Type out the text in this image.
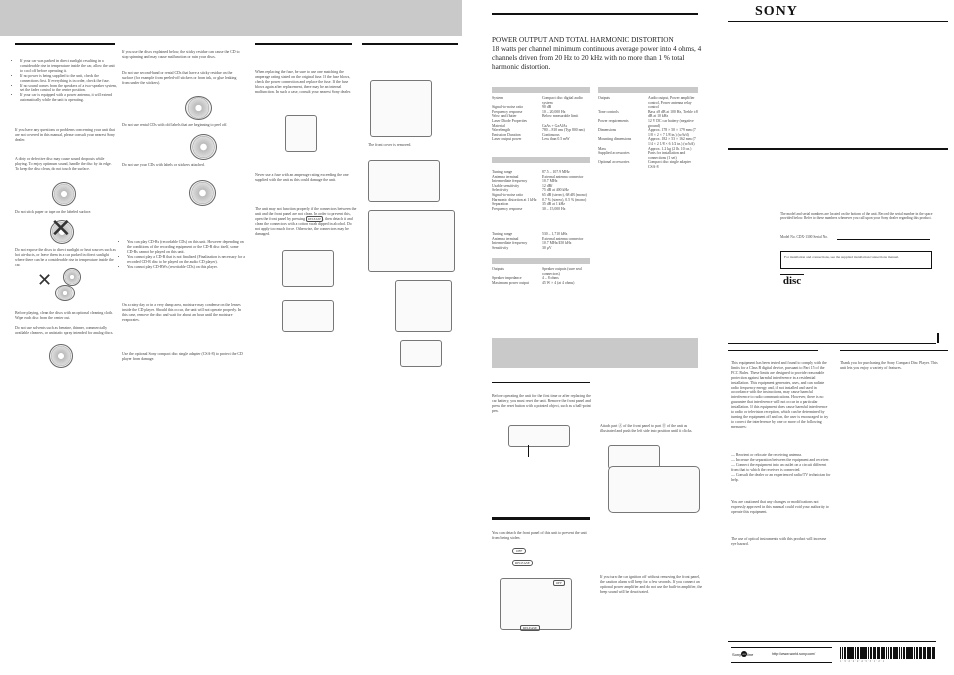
• If your car was parked in direct sunlight resulting in a considerable rise in temperature inside the car, allow the unit to cool off before operating it.
• If no power is being supplied to the unit, check the connections first. If everything is in order, check the fuse.
• If no sound comes from the speakers of a two-speaker system, set the fader control to the centre position.
• If your car is equipped with a power antenna, it will extend automatically while the unit is operating.
If you have any questions or problems concerning your unit that are not covered in this manual, please consult your nearest Sony dealer.
A dirty or defective disc may cause sound dropouts while playing. To enjoy optimum sound, handle the disc by its edge. To keep the disc clean, do not touch the surface.
Do not stick paper or tape on the labeled surface.
✕
Do not expose the discs to direct sunlight or heat sources such as hot air-ducts, or leave them in a car parked in direct sunlight where there can be a considerable rise in temperature inside the car.
✕
Before playing, clean the discs with an optional cleaning cloth. Wipe each disc from the center out.
Do not use solvents such as benzine, thinner, commercially available cleaners, or antistatic spray intended for analog discs.
If you use the discs explained below, the sticky residue can cause the CD to stop spinning and may cause malfunction or ruin your discs.
Do not use second-hand or rental CDs that have a sticky residue on the surface (for example from peeled-off stickers or from ink, or glue leaking from under the stickers).
Do not use rental CDs with old labels that are beginning to peel off.
Do not use your CDs with labels or stickers attached.
• You can play CD-Rs (recordable CDs) on this unit. However depending on the conditions of the recording equipment or the CD-R disc itself, some CD-Rs cannot be played on this unit.
• You cannot play a CD-R that is not finalized (Finalization is necessary for a recorded CD-R disc to be played on the audio CD player).
• You cannot play CD-RWs (rewritable CDs) on this player.
On a rainy day or in a very damp area, moisture may condense on the lenses inside the CD player. Should this occur, the unit will not operate properly. In this case, remove the disc and wait for about an hour until the moisture evaporates.
Use the optional Sony compact disc single adapter (CSA-8) to protect the CD player from damage.
When replacing the fuse, be sure to use one matching the amperage rating stated on the original fuse. If the fuse blows, check the power connection and replace the fuse. If the fuse blows again after replacement, there may be an internal malfunction. In such a case, consult your nearest Sony dealer.
Never use a fuse with an amperage rating exceeding the one supplied with the unit as this could damage the unit.
The unit may not function properly if the connectors between the unit and the front panel are not clean. In order to prevent this, open the front panel by pressing RELEASE , then detach it and clean the connectors with a cotton swab dipped in alcohol. Do not apply too much force. Otherwise, the connectors may be damaged.
The front cover is removed.
POWER OUTPUT AND TOTAL HARMONIC DISTORTION
18 watts per channel minimum continuous average power into 4 ohms, 4 channels driven from 20 Hz to 20 kHz with no more than 1 % total harmonic distortion.
System	Compact disc digital audio system
Signal-to-noise ratio	90 dB
Frequency response	10 – 20,000 Hz
Wow and flutter	Below measurable limit
Laser Diode Properties
Material	GaAs + GaAlAs
Wavelength	780 – 810 nm (Typ 800 nm)
Emission Duration	Continuous
Laser output power	Less than 0.5 mW
Tuning range	87.5 – 107.9 MHz
Antenna terminal	External antenna connector
Intermediate frequency	10.7 MHz
Usable sensitivity	12 dBf
Selectivity	75 dB at 400 kHz
Signal-to-noise ratio	65 dB (stereo), 68 dB (mono)
Harmonic distortion at 1 kHz	0.7 % (stereo), 0.5 % (mono)
Separation	35 dB at 1 kHz
Frequency response	30 – 15,000 Hz
Tuning range	530 – 1,710 kHz
Antenna terminal	External antenna connector
Intermediate frequency	10.7 MHz/450 kHz
Sensitivity	30 µV
Outputs	Speaker outputs (sure seal connectors)
Speaker impedance	4 – 8 ohms
Maximum power output	45 W × 4 (at 4 ohms)
Outputs	Audio output, Power amplifier control, Power antenna relay control
Tone controls	Bass ±8 dB at 100 Hz, Treble ±8 dB at 10 kHz
Power requirements	12 V DC car battery (negative ground)
Dimensions	Approx. 178 × 50 × 179 mm (7 1/8 × 2 × 7 1/8 in.) (w/h/d)
Mounting dimensions	Approx. 182 × 53 × 162 mm (7 1/4 × 2 1/8 × 6 1/2 in.) (w/h/d)
Mass	Approx. 1.2 kg (2 lb. 10 oz.)
Supplied accessories	Parts for installation and connections (1 set)
Optional accessories	Compact disc single adapter CSA-8
Before operating the unit for the first time or after replacing the car battery, you must reset the unit. Remove the front panel and press the reset button with a pointed object, such as a ball-point pen.
You can detach the front panel of this unit to prevent the unit from being stolen.
OFF
RELEASE
OFF
RELEASE
Attach part Ⓐ of the front panel to part Ⓑ of the unit as illustrated and push the left side into position until it clicks.
If you turn the car ignition off without removing the front panel, the caution alarm will beep for a few seconds. If you connect an optional power amplifier and do not use the built-in amplifier, the beep sound will be deactivated.
SONY
The model and serial numbers are located on the bottom of the unit. Record the serial number in the space provided below. Refer to these numbers whenever you call upon your Sony dealer regarding this product.
Model No. CDX-1300 Serial No.
For installation and connections, see the supplied installation/connections manual.
disc
This equipment has been tested and found to comply with the limits for a Class B digital device, pursuant to Part 15 of the FCC Rules. These limits are designed to provide reasonable protection against harmful interference in a residential installation. This equipment generates, uses, and can radiate radio frequency energy and, if not installed and used in accordance with the instructions, may cause harmful interference to radio communications. However, there is no guarantee that interference will not occur in a particular installation. If this equipment does cause harmful interference to radio or television reception, which can be determined by turning the equipment off and on, the user is encouraged to try to correct the interference by one or more of the following measures:
— Reorient or relocate the receiving antenna.
— Increase the separation between the equipment and receiver.
— Connect the equipment into an outlet on a circuit different from that to which the receiver is connected.
— Consult the dealer or an experienced radio/TV technician for help.
You are cautioned that any changes or modifications not expressly approved in this manual could void your authority to operate this equipment.
The use of optical instruments with this product will increase eye hazard.
Thank you for purchasing the Sony Compact Disc Player. This unit lets you enjoy a variety of features.
Sony on line	http://www.world.sony.com/
1 · 3 · 2 · 2 · 2 · 4 · 5 · 5 · 1 · 2 · 1
